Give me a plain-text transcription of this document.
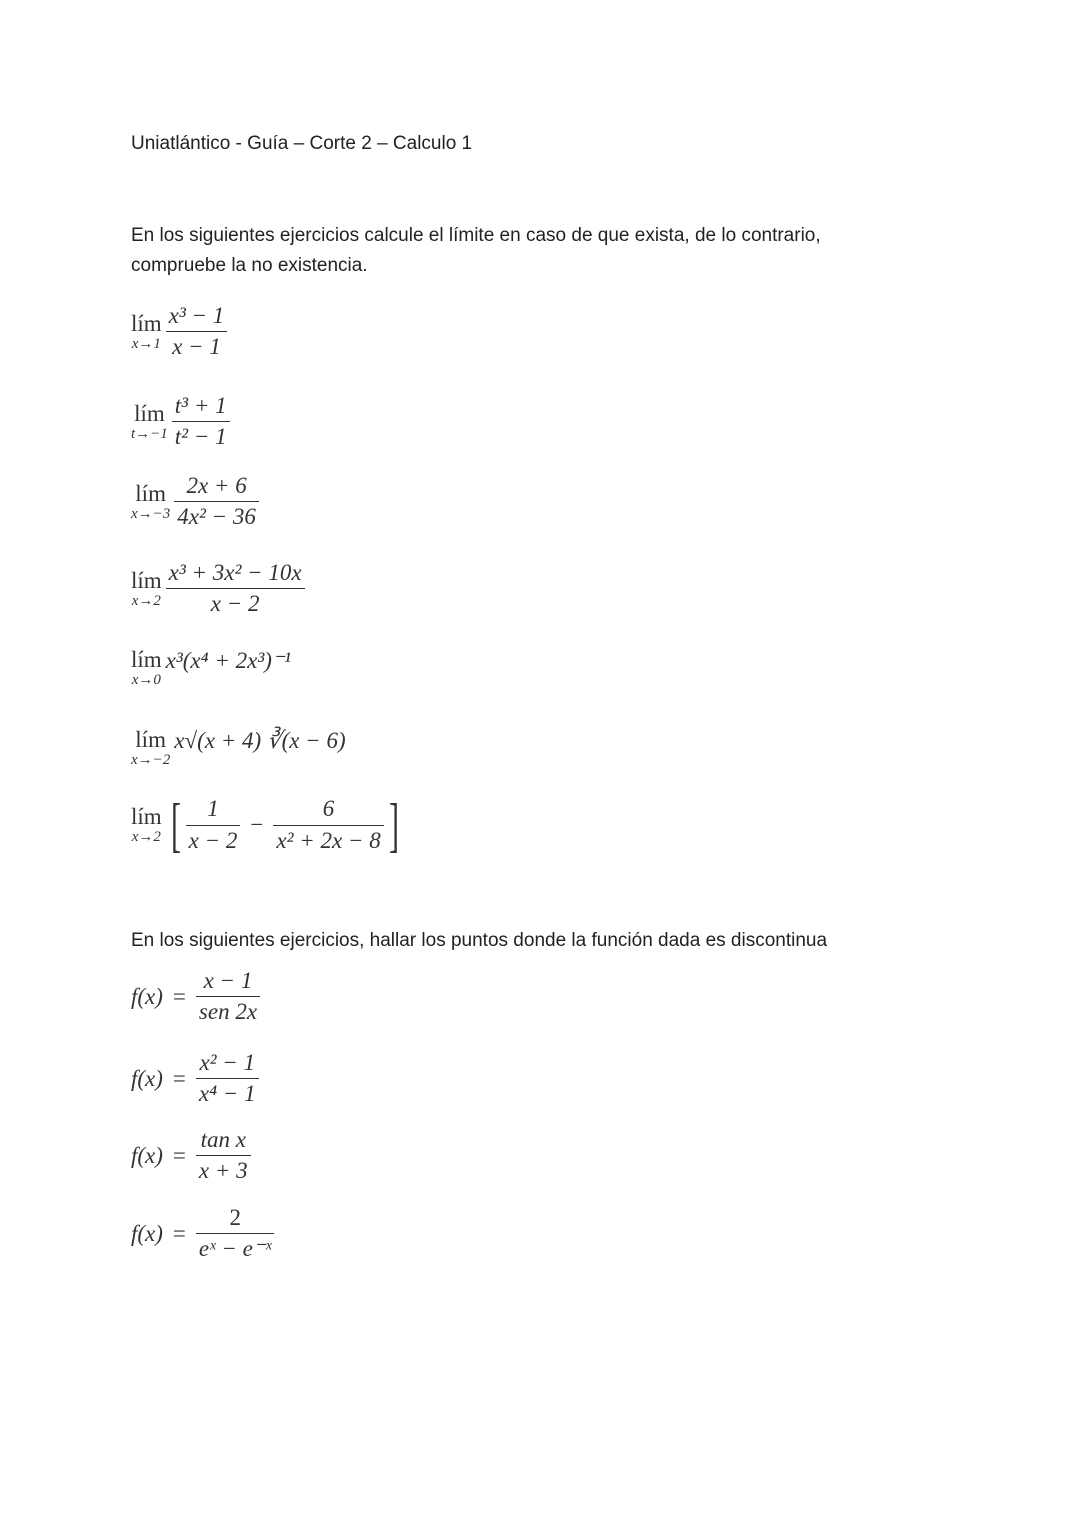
Uniatlántico - Guía – Corte 2 – Calculo 1
En los siguientes ejercicios calcule el límite en caso de que exista, de lo contrario,
compruebe la no existencia.
lím
$x\to 1 \frac{\text{x³ − 1}}{x - 1}$
lím
$t\to-1 \frac{\text{t³ + 1}}{\text{t² − 1}}$
lím
$x\to-3 \frac{2x + 6}{\text{4x² − 36}}$
lím
$x\to 2 \frac{\text{x³ + 3x² − 10x}}{x - 2}$
lím
x→0
x³(x⁴ + 2x³)⁻¹
lím
x→−2
x√(x + 4) ∛(x − 6)
lím
x→2 [ $\frac{1}{x - 2} - \frac{6}{\text{x² + 2x − 8}}$ ]
En los siguientes ejercicios, hallar los puntos donde la función dada es discontinua
$f(x) = \frac{x - 1}{\text{sen 2x}}$
$f(x) = \frac{\text{x² − 1}}{\text{x⁴ − 1}}$
$f(x) = \frac{\text{tan x}}{x + 3}$
$f(x) = \frac{2}{\text{eˣ − e⁻ˣ}}$
